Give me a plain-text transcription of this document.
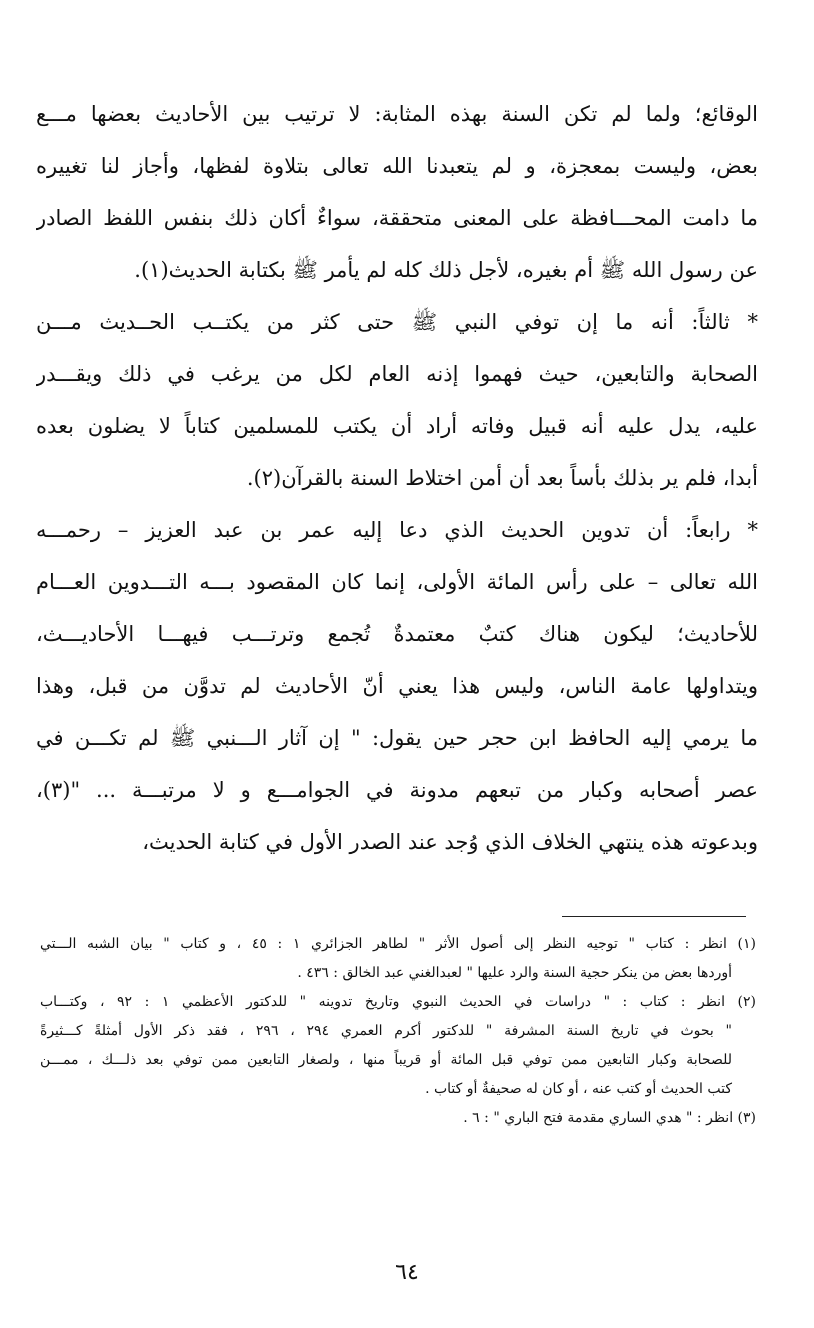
الوقائع؛ ولما لم تكن السنة بهذه المثابة: لا ترتيب بين الأحاديث بعضها مـــع
بعض، وليست بمعجزة، و لم يتعبدنا الله تعالى بتلاوة لفظها، وأجاز لنا تغييره
ما دامت المحـــافظة على المعنى متحققة، سواءٌ أكان ذلك بنفس اللفظ الصادر
عن رسول الله ﷺ أم بغيره، لأجل ذلك كله لم يأمر ﷺ بكتابة الحديث(١).
* ثالثاً: أنه ما إن توفي النبي ﷺ حتى كثر من يكتــب الحــديث مـــن
الصحابة والتابعين، حيث فهموا إذنه العام لكل من يرغب في ذلك ويقـــدر
عليه، يدل عليه أنه قبيل وفاته أراد أن يكتب للمسلمين كتاباً لا يضلون بعده
أبدا، فلم ير بذلك بأساً بعد أن أمن اختلاط السنة بالقرآن(٢).
* رابعاً: أن تدوين الحديث الذي دعا إليه عمر بن عبد العزيز – رحمـــه
الله تعالى – على رأس المائة الأولى، إنما كان المقصود بـــه التـــدوين العـــام
للأحاديث؛ ليكون هناك كتبٌ معتمدةٌ تُجمع وترتـــب فيهـــا الأحاديـــث،
ويتداولها عامة الناس، وليس هذا يعني أنّ الأحاديث لم تدوَّن من قبل، وهذا
ما يرمي إليه الحافظ ابن حجر حين يقول: " إن آثار الـــنبي ﷺ لم تكـــن في
عصر أصحابه وكبار من تبعهم مدونة في الجوامـــع و لا مرتبـــة ... "(٣)،
وبدعوته هذه ينتهي الخلاف الذي وُجد عند الصدر الأول في كتابة الحديث،
(١) انظر : كتاب " توجيه النظر إلى أصول الأثر " لطاهر الجزائري ١ : ٤٥ ، و كتاب " بيان الشبه الـــتي
أوردها بعض من ينكر حجية السنة والرد عليها " لعبدالغني عبد الخالق : ٤٣٦ .
(٢) انظر : كتاب : " دراسات في الحديث النبوي وتاريخ تدوينه " للدكتور الأعظمي ١ : ٩٢ ، وكتـــاب
" بحوث في تاريخ السنة المشرفة " للدكتور أكرم العمري ٢٩٤ ، ٢٩٦ ، فقد ذكر الأول أمثلةً كـــثيرةً
للصحابة وكبار التابعين ممن توفي قبل المائة أو قريباً منها ، ولصغار التابعين ممن توفي بعد ذلـــك ، ممـــن
كتب الحديث أو كتب عنه ، أو كان له صحيفةٌ أو كتاب .
(٣) انظر : " هدي الساري مقدمة فتح الباري " : ٦ .
٦٤
